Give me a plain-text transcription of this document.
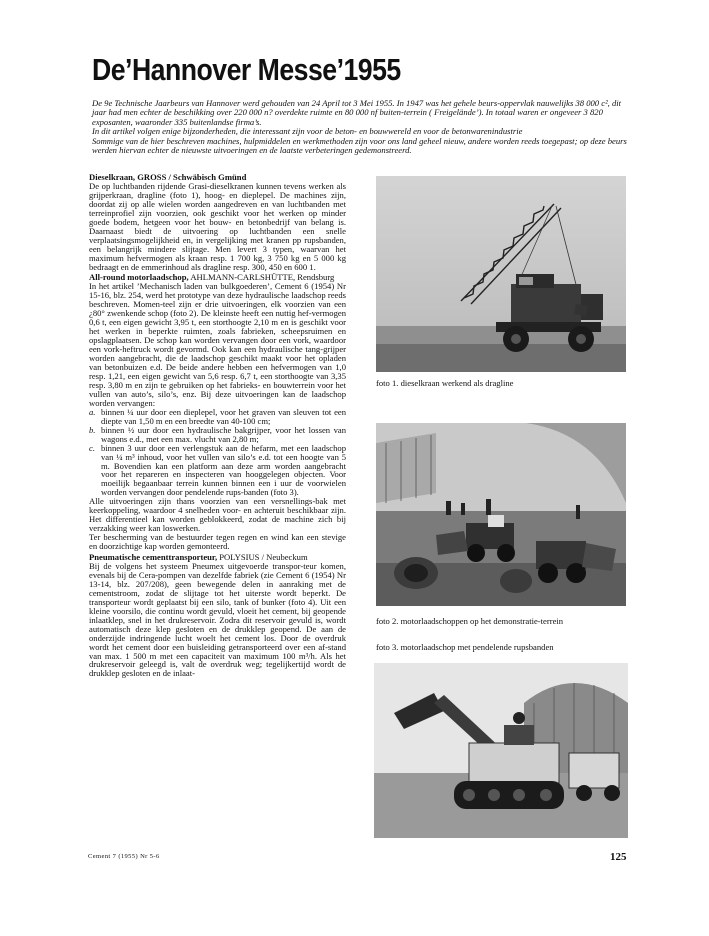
De’Hannover Messe’1955

De 9e Technische Jaarbeurs van Hannover werd gehouden van 24 April tot 3 Mei 1955. In 1947 was het gehele beurs-oppervlak nauwelijks 38 000 c², dit jaar had men echter de beschikking over 220 000 n? overdekte ruimte en 80 000 nf buiten-terrein ( Freigelände’). In totaal waren er ongeveer 3 820 exposanten, waaronder 335 buitenlandse firma’s.

In dit artikel volgen enige bijzonderheden, die interessant zijn voor de beton- en bouwwereld en voor de betonwarenindustrie

Sommige van de hier beschreven machines, hulpmiddelen en werkmethoden zijn voor ons land geheel nieuw, andere worden reeds toegepast; op deze beurs werden hiervan echter de nieuwste uitvoeringen en de laatste verbeteringen gedemonstreerd.

Dieselkraan, GROSS / Schwäbisch Gmünd

De op luchtbanden rijdende Grasi-dieselkranen kunnen tevens werken als grijperkraan, dragline (foto 1), hoog- en dieplepel. De machines zijn, doordat zij op alle wielen worden aangedreven en van luchtbanden met terreinprofiel zijn voorzien, ook geschikt voor het werken op minder goede bodem, hetgeen voor het bouw- en betonbedrijf van belang is. Daarnaast biedt de uitvoering op luchtbanden een snelle verplaatsingsmogelijkheid en, in vergelijking met kranen pp rupsbanden, een belangrijk mindere slijtage. Men levert 3 typen, waarvan het maximum hefvermogen als kraan resp. 1 700 kg, 3 750 kg en 5 000 kg bedraagt en de emmerinhoud als dragline resp. 300, 450 en 600 1.

All-round motorlaadschop, AHLMANN-CARLSHÜTTE, Rendsburg

In het artikel ’Mechanisch laden van bulkgoederen’, Cement 6 (1954) Nr 15-16, blz. 254, werd het prototype van deze hydraulische laadschop reeds beschreven. Momen-teel zijn er drie uitvoeringen, elk voorzien van een ¿80° zwenkende schop (foto 2). De kleinste heeft een nuttig hef-vermogen 0,6 t, een eigen gewicht 3,95 t, een storthoogte 2,10 m en is geschikt voor het werken in beperkte ruimten, zoals fabrieken, scheepsruimen en opslagplaatsen. De schop kan worden vervangen door een vork, waardoor een vork-heftruck wordt gevormd. Ook kan een hydraulische tang-grijper worden aangebracht, die de laadschop geschikt maakt voor het opladen van betonbuizen e.d. De beide andere hebben een hefvermogen van 1,0 resp. 1,21, een eigen gewicht van 5,6 resp. 6,7 t, een storthoogte van 3,35 resp. 3,80 m en zijn te gebruiken op het fabrieks- en bouwterrein voor het vullen van auto’s, silo’s, enz. Bij deze uitvoeringen kan de laadschop worden vervangen:

a. binnen ¼ uur door een dieplepel, voor het graven van sleuven tot een diepte van 1,50 m en een breedte van 40-100 cm;
b. binnen ½ uur door een hydraulische bakgrijper, voor het lossen van wagons e.d., met een max. vlucht van 2,80 m;
c. binnen 3 uur door een verlengstuk aan de hefarm, met een laadschop van ¼ m³ inhoud, voor het vullen van silo’s e.d. tot een hoogte van 5 m. Bovendien kan een platform aan deze arm worden aangebracht voor het repareren en inspecteren van hooggelegen objecten. Voor moeilijk begaanbaar terrein kunnen binnen een i uur de voorwielen worden vervangen door pendelende rups-banden (foto 3).

Alle uitvoeringen zijn thans voorzien van een versnellings-bak met keerkoppeling, waardoor 4 snelheden voor- en achteruit beschikbaar zijn. Het differentieel kan worden geblokkeerd, zodat de machine zich bij verzakking weer kan loswerken.

Ter bescherming van de bestuurder tegen regen en wind kan een stevige en doorzichtige kap worden gemonteerd.

Pneumatische cementtransporteur, POLYSIUS / Neubeckum

Bij de volgens het systeem Pneumex uitgevoerde transpor-teur komen, evenals bij de Cera-pompen van dezelfde fabriek (zie Cement 6 (1954) Nr 13-14, blz. 207/208), geen bewegende delen in aanraking met de cementstroom, zodat de slijtage tot het uiterste wordt beperkt. De transporteur wordt geplaatst bij een silo, tank of bunker (foto 4). Uit een kleine voorsilo, die continu wordt gevuld, vloeit het cement, bij geopende inlaatklep, snel in het drukreservoir. Zodra dit reservoir gevuld is, wordt automatisch deze klep gesloten en de drukklep geopend. De aan de onderzijde indringende lucht woelt het cement los. Door de overdruk wordt het cement door een buisleiding getransporteerd over een af-stand van max. 1 500 m met een capaciteit van maximum 100 m³/h. Als het drukreservoir geleegd is, valt de overdruk weg; tegelijkertijd wordt de drukklep gesloten en de inlaat-

foto 1. dieselkraan werkend als dragline
foto 2. motorlaadschoppen op het demonstratie-terrein
foto 3. motorlaadschop met pendelende rupsbanden
Cement 7 (1955) Nr 5-6	125
